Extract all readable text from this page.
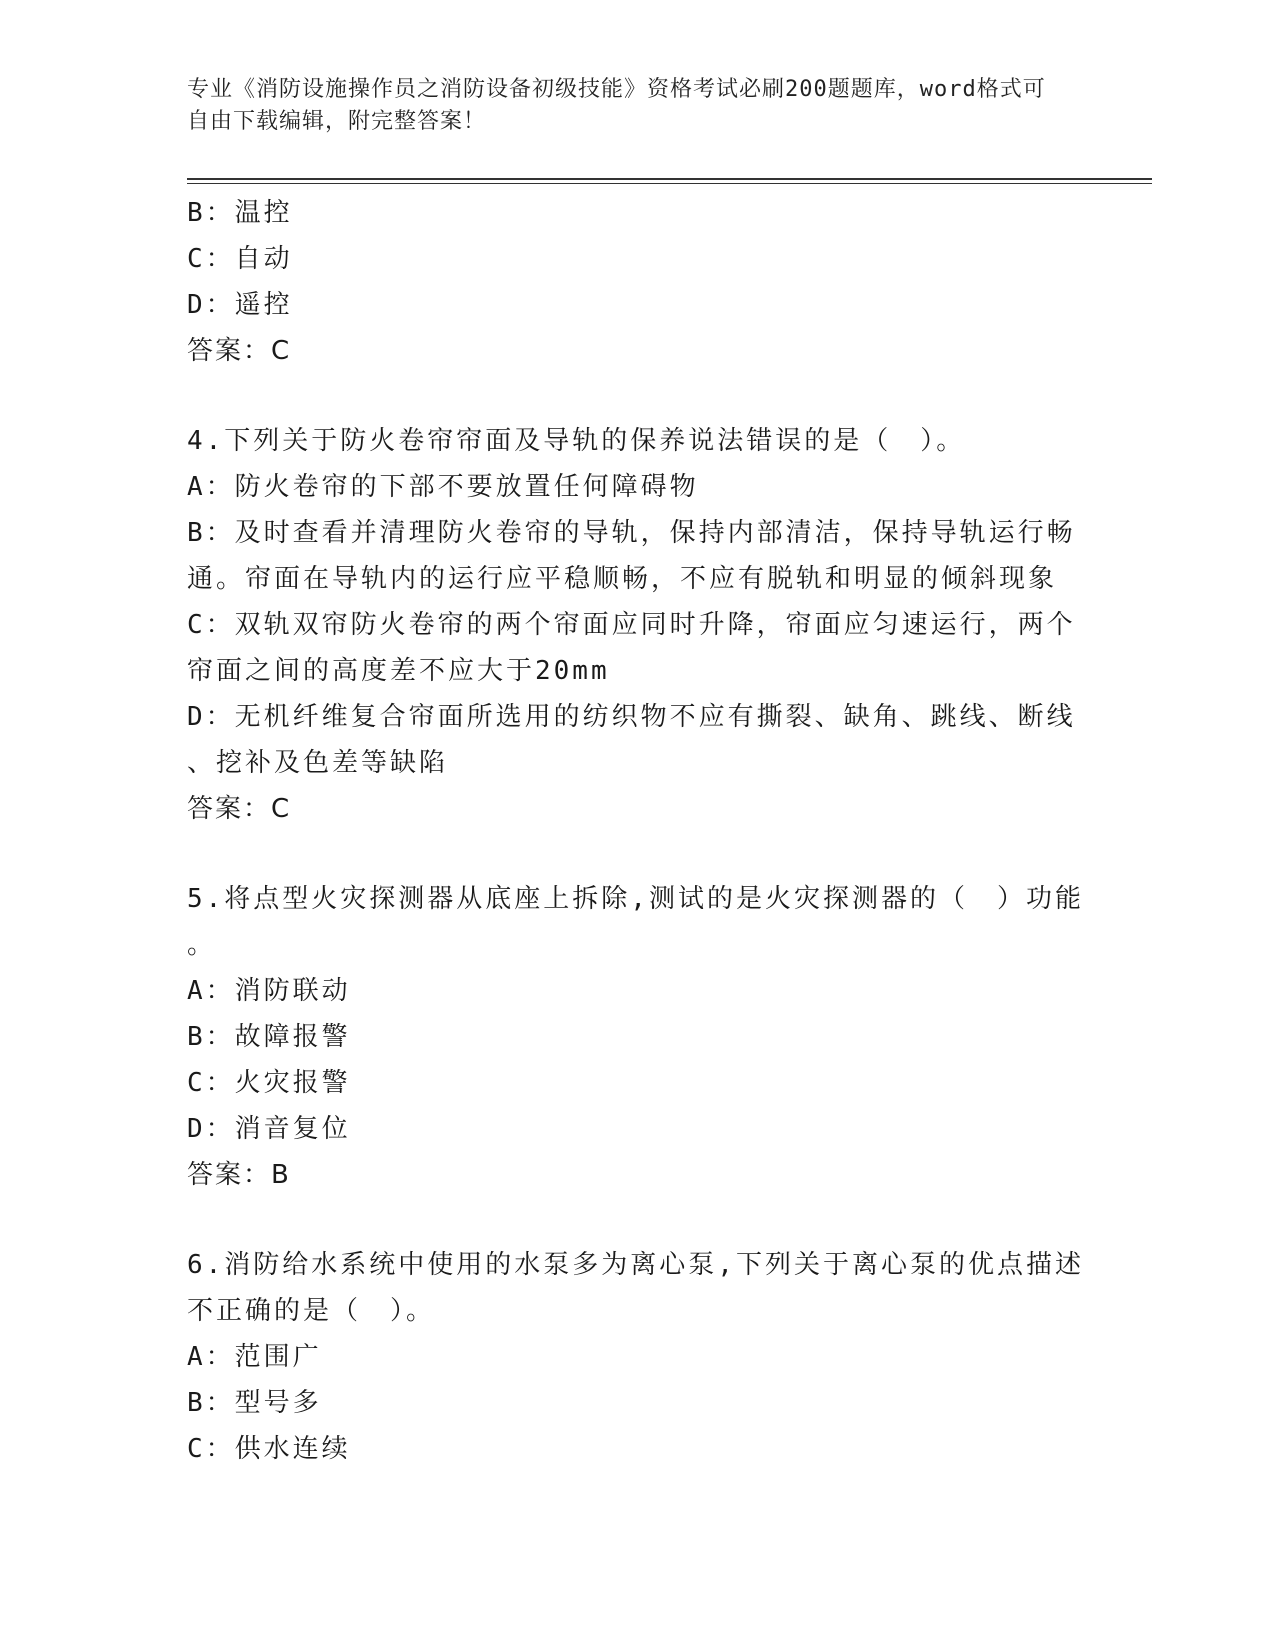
专业《消防设施操作员之消防设备初级技能》资格考试必刷200题题库，word格式可自由下载编辑，附完整答案！
B：温控
C：自动
D：遥控
答案：C
4.下列关于防火卷帘帘面及导轨的保养说法错误的是（　）。
A：防火卷帘的下部不要放置任何障碍物
B：及时查看并清理防火卷帘的导轨，保持内部清洁，保持导轨运行畅
通。帘面在导轨内的运行应平稳顺畅，不应有脱轨和明显的倾斜现象
C：双轨双帘防火卷帘的两个帘面应同时升降，帘面应匀速运行，两个
帘面之间的高度差不应大于20mm
D：无机纤维复合帘面所选用的纺织物不应有撕裂、缺角、跳线、断线
、挖补及色差等缺陷
答案：C
5.将点型火灾探测器从底座上拆除,测试的是火灾探测器的（　）功能
。
A：消防联动
B：故障报警
C：火灾报警
D：消音复位
答案：B
6.消防给水系统中使用的水泵多为离心泵,下列关于离心泵的优点描述
不正确的是（　）。
A：范围广
B：型号多
C：供水连续
